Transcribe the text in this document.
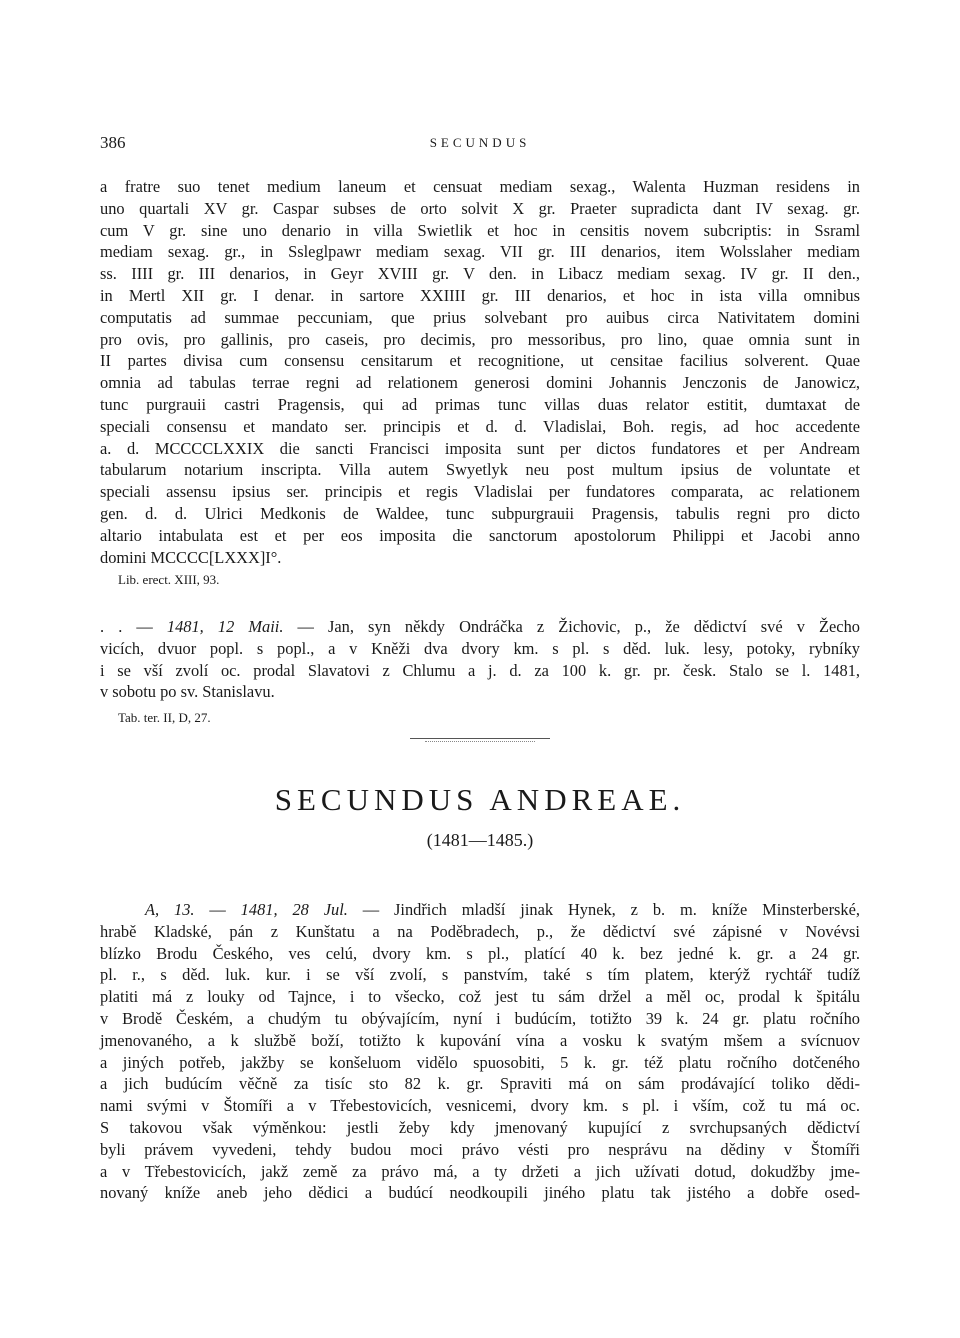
386	SECUNDUS
a fratre suo tenet medium laneum et censuat mediam sexag., Walenta Huzman residens in
uno quartali XV gr. Caspar subses de orto solvit X gr. Praeter supradicta dant IV sexag. gr.
cum V gr. sine uno denario in villa Swietlik et hoc in censitis novem subcriptis: in Ssraml
mediam sexag. gr., in Ssleglpawr mediam sexag. VII gr. III denarios, item Wolsslaher mediam
ss. IIII gr. III denarios, in Geyr XVIII gr. V den. in Libacz mediam sexag. IV gr. II den.,
in Mertl XII gr. I denar. in sartore XXIIII gr. III denarios, et hoc in ista villa omnibus
computatis ad summae peccuniam, que prius solvebant pro auibus circa Nativitatem domini
pro ovis, pro gallinis, pro caseis, pro decimis, pro messoribus, pro lino, quae omnia sunt in
II partes divisa cum consensu censitarum et recognitione, ut censitae facilius solverent. Quae
omnia ad tabulas terrae regni ad relationem generosi domini Johannis Jenczonis de Janowicz,
tunc purgrauii castri Pragensis, qui ad primas tunc villas duas relator estitit, dumtaxat de
speciali consensu et mandato ser. principis et d. d. Vladislai, Boh. regis, ad hoc accedente
a. d. MCCCCLXXIX die sancti Francisci imposita sunt per dictos fundatores et per Andream
tabularum notarium inscripta. Villa autem Swyetlyk neu post multum ipsius de voluntate et
speciali assensu ipsius ser. principis et regis Vladislai per fundatores comparata, ac relationem
gen. d. d. Ulrici Medkonis de Waldee, tunc subpurgrauii Pragensis, tabulis regni pro dicto
altario intabulata est et per eos imposita die sanctorum apostolorum Philippi et Jacobi anno
domini MCCCC[LXXX]I°.
Lib. erect. XIII, 93.
. . — 1481, 12 Maii. — Jan, syn někdy Ondráčka z Žichovic, p., že dědictví své v Žecho
vicích, dvuor popl. s popl., a v Kněži dva dvory km. s pl. s děd. luk. lesy, potoky, rybníky
i se vší zvolí oc. prodal Slavatovi z Chlumu a j. d. za 100 k. gr. pr. česk. Stalo se l. 1481,
v sobotu po sv. Stanislavu.
Tab. ter. II, D, 27.
SECUNDUS ANDREAE.
(1481—1485.)
A, 13. — 1481, 28 Jul. — Jindřich mladší jinak Hynek, z b. m. kníže Minsterberské,
hrabě Kladské, pán z Kunštatu a na Poděbradech, p., že dědictví své zápisné v Novévsi
blízko Brodu Českého, ves celú, dvory km. s pl., platící 40 k. bez jedné k. gr. a 24 gr.
pl. r., s děd. luk. kur. i se vší zvolí, s panstvím, také s tím platem, kterýž rychtář tudíž
platiti má z louky od Tajnce, i to všecko, což jest tu sám držel a měl oc, prodal k špitálu
v Brodě Českém, a chudým tu obývajícím, nyní i budúcím, totižto 39 k. 24 gr. platu ročního
jmenovaného, a k službě boží, totižto k kupování vína a vosku k svatým mšem a svícnuov
a jiných potřeb, jakžby se konšeluom vidělo spuosobiti, 5 k. gr. též platu ročního dotčeného
a jich budúcím věčně za tisíc sto 82 k. gr. Spraviti má on sám prodávající toliko dědi-
nami svými v Štomíři a v Třebestovicích, vesnicemi, dvory km. s pl. i vším, což tu má oc.
S takovou však výměnkou: jestli žeby kdy jmenovaný kupující z svrchupsaných dědictví
byli právem vyvedeni, tehdy budou moci právo vésti pro nesprávu na dědiny v Štomíři
a v Třebestovicích, jakž země za právo má, a ty držeti a jich užívati dotud, dokudžby jme-
novaný kníže aneb jeho dědici a budúcí neodkoupili jiného platu tak jistého a dobře osed-
